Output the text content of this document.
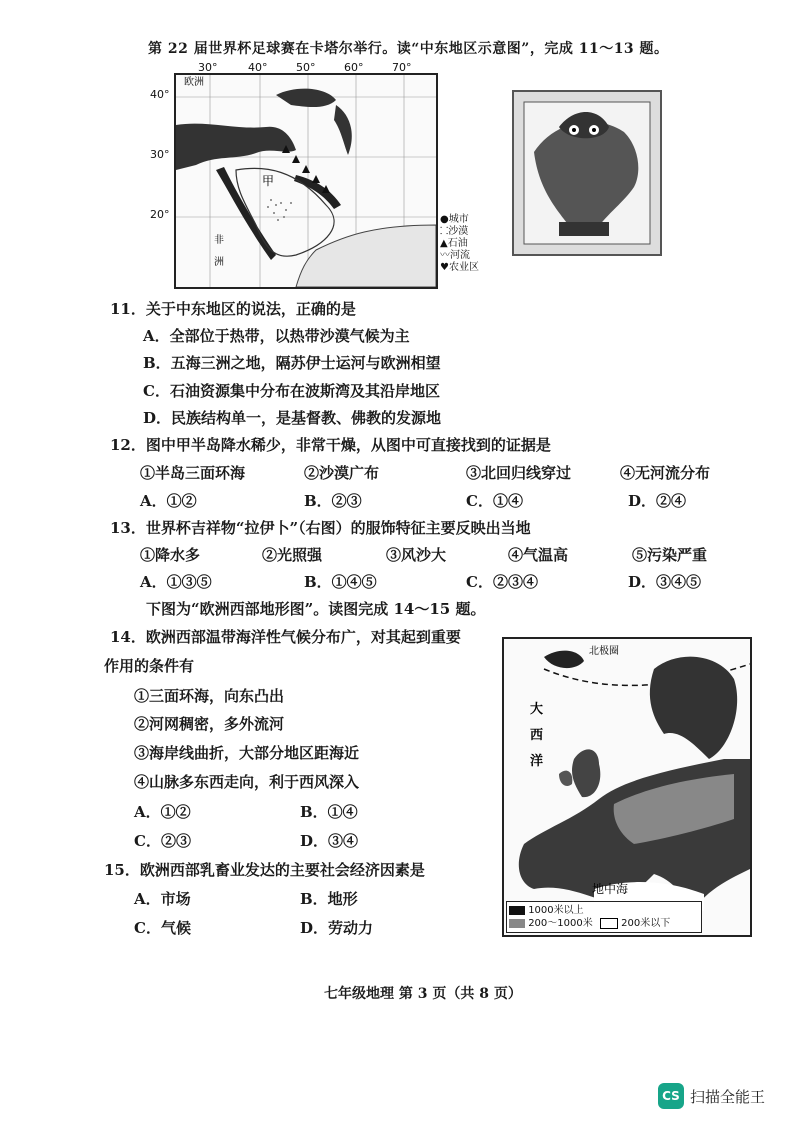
第 22 届世界杯足球赛在卡塔尔举行。读“中东地区示意图”，完成 11～13 题。
欧洲
甲
非
洲
30°	40°	50°	60°	70°
40°
30°
20°	●城市
⸬沙漠
▲石油
〰河流
♥农业区
11．关于中东地区的说法，正确的是
A．全部位于热带，以热带沙漠气候为主
B．五海三洲之地，隔苏伊士运河与欧洲相望
C．石油资源集中分布在波斯湾及其沿岸地区
D．民族结构单一，是基督教、佛教的发源地
12．图中甲半岛降水稀少，非常干燥，从图中可直接找到的证据是
①半岛三面环海	②沙漠广布	③北回归线穿过	④无河流分布
A．①②	B．②③	C．①④	D．②④
13．世界杯吉祥物“拉伊卜”（右图）的服饰特征主要反映出当地
①降水多	②光照强	③风沙大	④气温高	⑤污染严重
A．①③⑤	B．①④⑤	C．②③④	D．③④⑤
下图为“欧洲西部地形图”。读图完成 14～15 题。
14．欧洲西部温带海洋性气候分布广，对其起到重要
作用的条件有
①三面环海，向东凸出
②河网稠密，多外流河
③海岸线曲折，大部分地区距海近
④山脉多东西走向，利于西风深入
A．①②	B．①④
C．②③	D．③④
15．欧洲西部乳畜业发达的主要社会经济因素是
A．市场	B．地形
C．气候	D．劳动力
大
西
洋
北极圈
地中海
1000米以上
200～1000米	200米以下
七年级地理 第 3 页（共 8 页）
CS 扫描全能王
